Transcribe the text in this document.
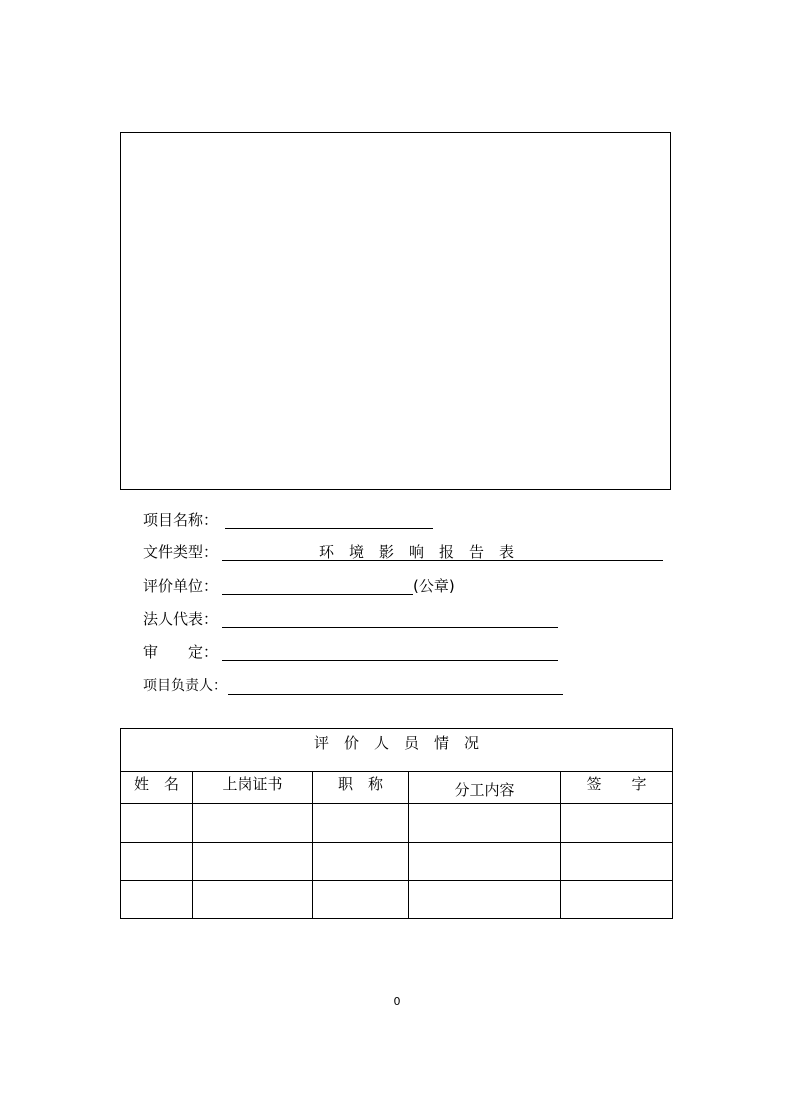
项目名称：
文件类型：	环　境　影　响　报　告　表
评价单位：	(公章)
法人代表：
审　　定：
项目负责人：
评　价　人　员　情　况				
姓　名	上岗证书	职　称	分工内容	签　　字

0
